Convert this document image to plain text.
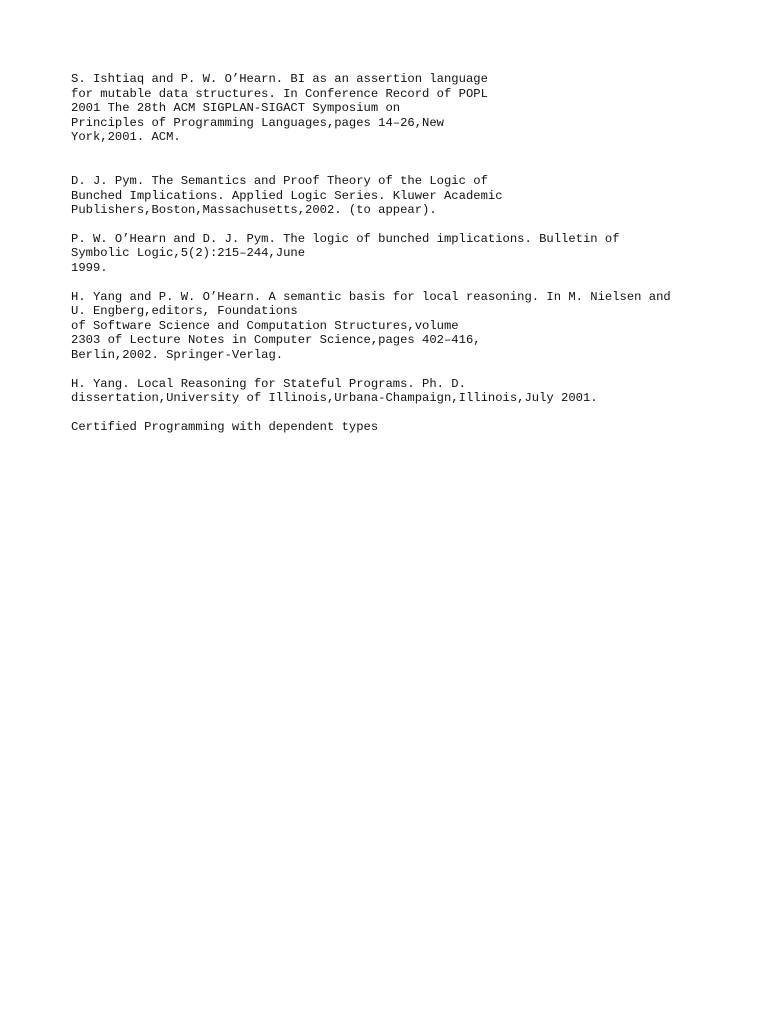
S. Ishtiaq and P. W. O’Hearn. BI as an assertion language
for mutable data structures. In Conference Record of POPL
2001 The 28th ACM SIGPLAN-SIGACT Symposium on
Principles of Programming Languages,pages 14–26,New
York,2001. ACM.
D. J. Pym. The Semantics and Proof Theory of the Logic of
Bunched Implications. Applied Logic Series. Kluwer Academic
Publishers,Boston,Massachusetts,2002. (to appear).
P. W. O’Hearn and D. J. Pym. The logic of bunched implications. Bulletin of
Symbolic Logic,5(2):215–244,June
1999.
H. Yang and P. W. O’Hearn. A semantic basis for local reasoning. In M. Nielsen and
U. Engberg,editors, Foundations
of Software Science and Computation Structures,volume
2303 of Lecture Notes in Computer Science,pages 402–416,
Berlin,2002. Springer-Verlag.
H. Yang. Local Reasoning for Stateful Programs. Ph. D.
dissertation,University of Illinois,Urbana-Champaign,Illinois,July 2001.
Certified Programming with dependent types
